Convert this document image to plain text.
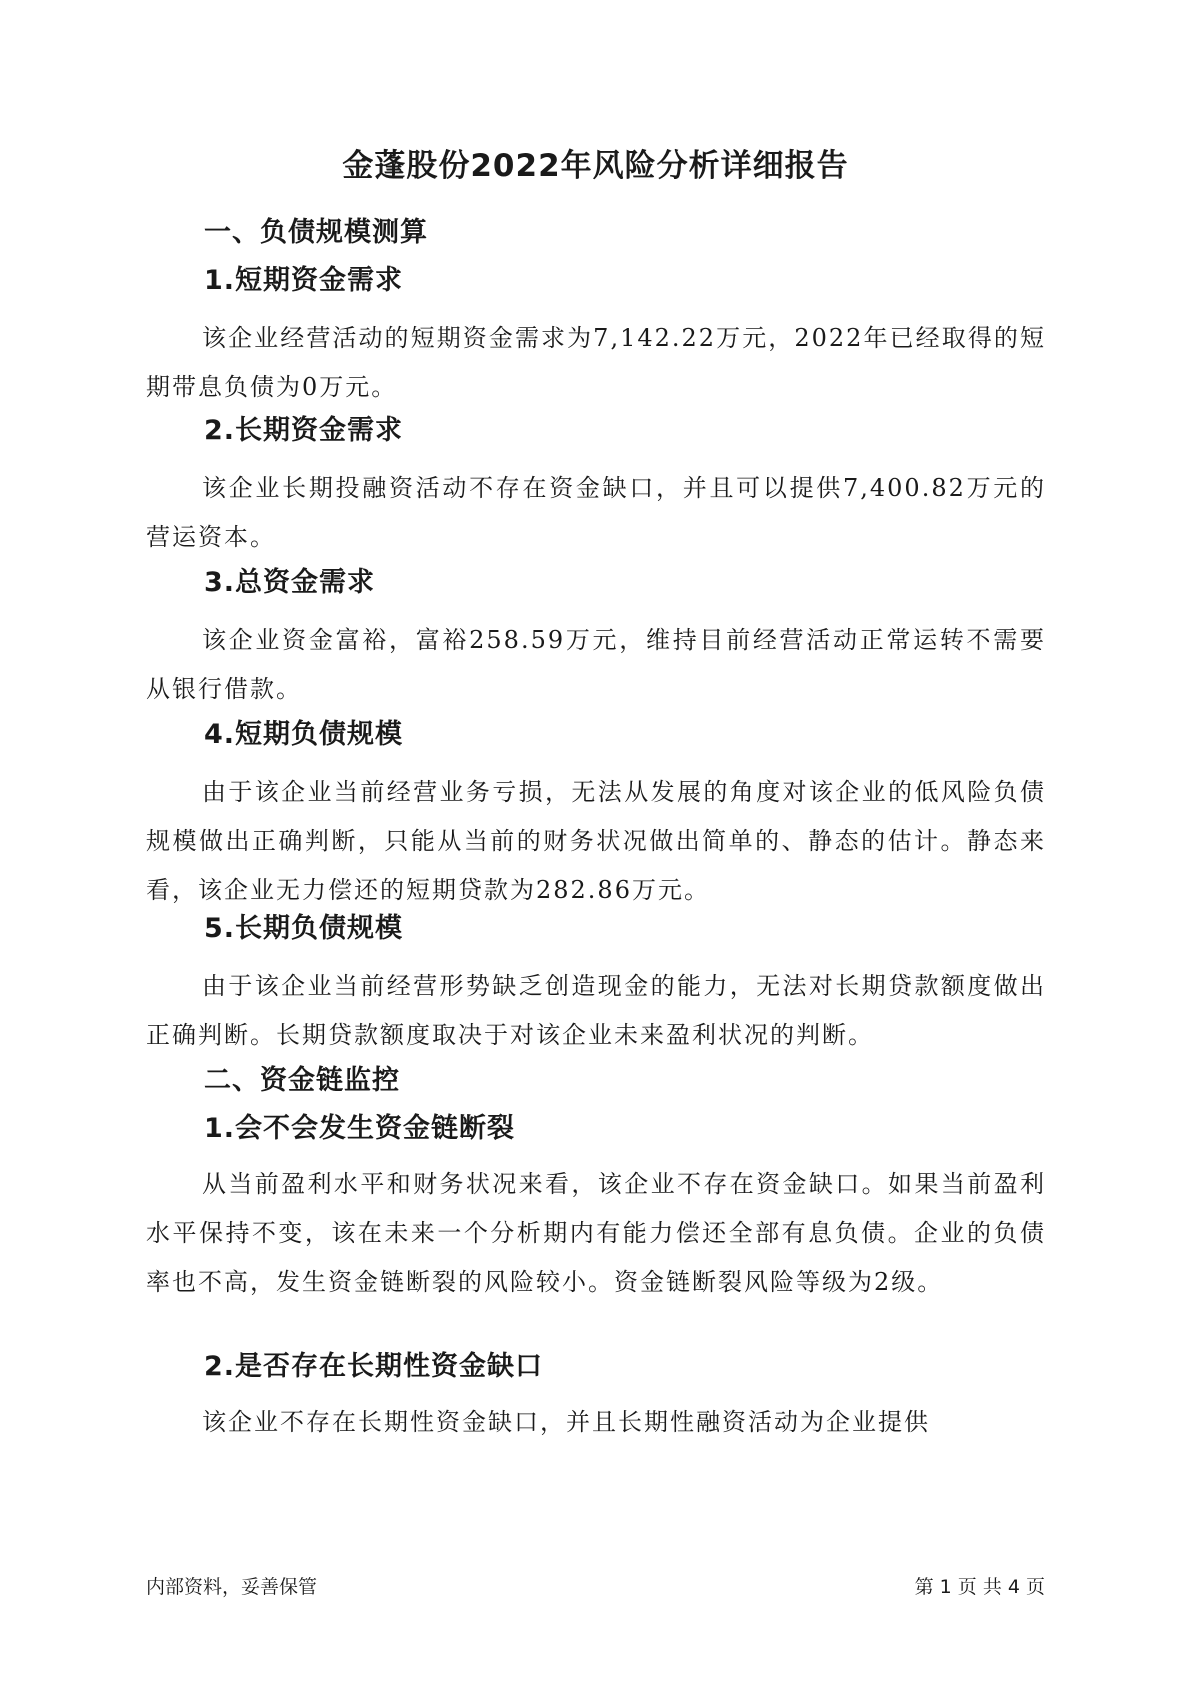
金蓬股份2022年风险分析详细报告
一、负债规模测算
1.短期资金需求
该企业经营活动的短期资金需求为7,142.22万元，2022年已经取得的短期带息负债为0万元。
2.长期资金需求
该企业长期投融资活动不存在资金缺口，并且可以提供7,400.82万元的营运资本。
3.总资金需求
该企业资金富裕，富裕258.59万元，维持目前经营活动正常运转不需要从银行借款。
4.短期负债规模
由于该企业当前经营业务亏损，无法从发展的角度对该企业的低风险负债规模做出正确判断，只能从当前的财务状况做出简单的、静态的估计。静态来看，该企业无力偿还的短期贷款为282.86万元。
5.长期负债规模
由于该企业当前经营形势缺乏创造现金的能力，无法对长期贷款额度做出正确判断。长期贷款额度取决于对该企业未来盈利状况的判断。
二、资金链监控
1.会不会发生资金链断裂
从当前盈利水平和财务状况来看，该企业不存在资金缺口。如果当前盈利水平保持不变，该在未来一个分析期内有能力偿还全部有息负债。企业的负债率也不高，发生资金链断裂的风险较小。资金链断裂风险等级为2级。
2.是否存在长期性资金缺口
该企业不存在长期性资金缺口，并且长期性融资活动为企业提供
内部资料，妥善保管	第 1 页 共 4 页
